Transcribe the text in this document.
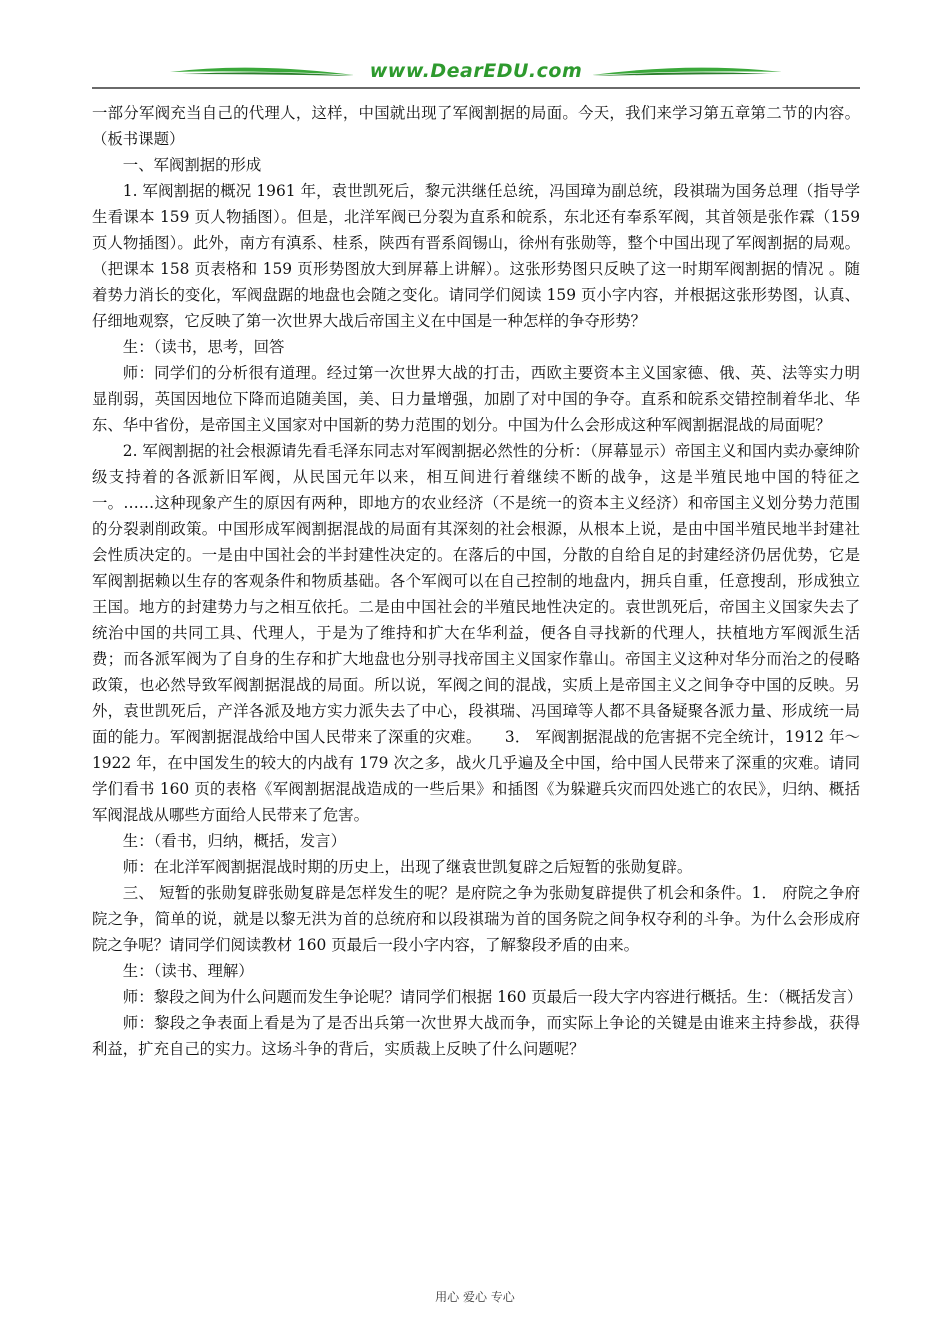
www.DearEDU.com

一部分军阀充当自己的代理人，这样，中国就出现了军阀割据的局面。今天，我们来学习第五章第二节的内容。（板书课题）

一、军阀割据的形成

1. 军阀割据的概况 1961 年，袁世凯死后，黎元洪继任总统，冯国璋为副总统，段祺瑞为国务总理（指导学生看课本 159 页人物插图）。但是，北洋军阀已分裂为直系和皖系，东北还有奉系军阀，其首领是张作霖（159 页人物插图）。此外，南方有滇系、桂系，陕西有晋系阎锡山，徐州有张勋等，整个中国出现了军阀割据的局观。（把课本 158 页表格和 159 页形势图放大到屏幕上讲解）。这张形势图只反映了这一时期军阀割据的情况 。随着势力消长的变化，军阀盘踞的地盘也会随之变化。请同学们阅读 159 页小字内容，并根据这张形势图，认真、仔细地观察，它反映了第一次世界大战后帝国主义在中国是一种怎样的争夺形势？

生：（读书，思考，回答

师：同学们的分析很有道理。经过第一次世界大战的打击，西欧主要资本主义国家德、俄、英、法等实力明显削弱，英国因地位下降而追随美国，美、日力量增强，加剧了对中国的争夺。直系和皖系交错控制着华北、华东、华中省份，是帝国主义国家对中国新的势力范围的划分。中国为什么会形成这种军阀割据混战的局面呢？

2. 军阀割据的社会根源请先看毛泽东同志对军阀割据必然性的分析：（屏幕显示）帝国主义和国内卖办豪绅阶级支持着的各派新旧军阀，从民国元年以来，相互间进行着继续不断的战争，这是半殖民地中国的特征之一。……这种现象产生的原因有两种，即地方的农业经济（不是统一的资本主义经济）和帝国主义划分势力范围的分裂剥削政策。中国形成军阀割据混战的局面有其深刻的社会根源，从根本上说，是由中国半殖民地半封建社会性质决定的。一是由中国社会的半封建性决定的。在落后的中国，分散的自给自足的封建经济仍居优势，它是军阀割据赖以生存的客观条件和物质基础。各个军阀可以在自己控制的地盘内，拥兵自重，任意搜刮，形成独立王国。地方的封建势力与之相互依托。二是由中国社会的半殖民地性决定的。袁世凯死后，帝国主义国家失去了统治中国的共同工具、代理人，于是为了维持和扩大在华利益，便各自寻找新的代理人，扶植地方军阀派生活费；而各派军阀为了自身的生存和扩大地盘也分别寻找帝国主义国家作靠山。帝国主义这种对华分而治之的侵略政策，也必然导致军阀割据混战的局面。所以说，军阀之间的混战，实质上是帝国主义之间争夺中国的反映。另外，袁世凯死后，产洋各派及地方实力派失去了中心，段祺瑞、冯国璋等人都不具备疑聚各派力量、形成统一局面的能力。军阀割据混战给中国人民带来了深重的灾难。　　3． 军阀割据混战的危害据不完全统计，1912 年～1922 年，在中国发生的较大的内战有 179 次之多，战火几乎遍及全中国，给中国人民带来了深重的灾难。请同学们看书 160 页的表格《军阀割据混战造成的一些后果》和插图《为躲避兵灾而四处逃亡的农民》，归纳、概括军阀混战从哪些方面给人民带来了危害。

生：（看书，归纳，概括，发言）

师：在北洋军阀割据混战时期的历史上，出现了继袁世凯复辟之后短暂的张勋复辟。

三、 短暂的张勋复辟张勋复辟是怎样发生的呢？是府院之争为张勋复辟提供了机会和条件。1． 府院之争府院之争，简单的说，就是以黎无洪为首的总统府和以段祺瑞为首的国务院之间争权夺利的斗争。为什么会形成府院之争呢？请同学们阅读教材 160 页最后一段小字内容，了解黎段矛盾的由来。

生：（读书、理解）

师：黎段之间为什么问题而发生争论呢？请同学们根据 160 页最后一段大字内容进行概括。生：（概括发言）

师：黎段之争表面上看是为了是否出兵第一次世界大战而争，而实际上争论的关键是由谁来主持参战，获得利益，扩充自己的实力。这场斗争的背后，实质裁上反映了什么问题呢？

用心 爱心 专心
